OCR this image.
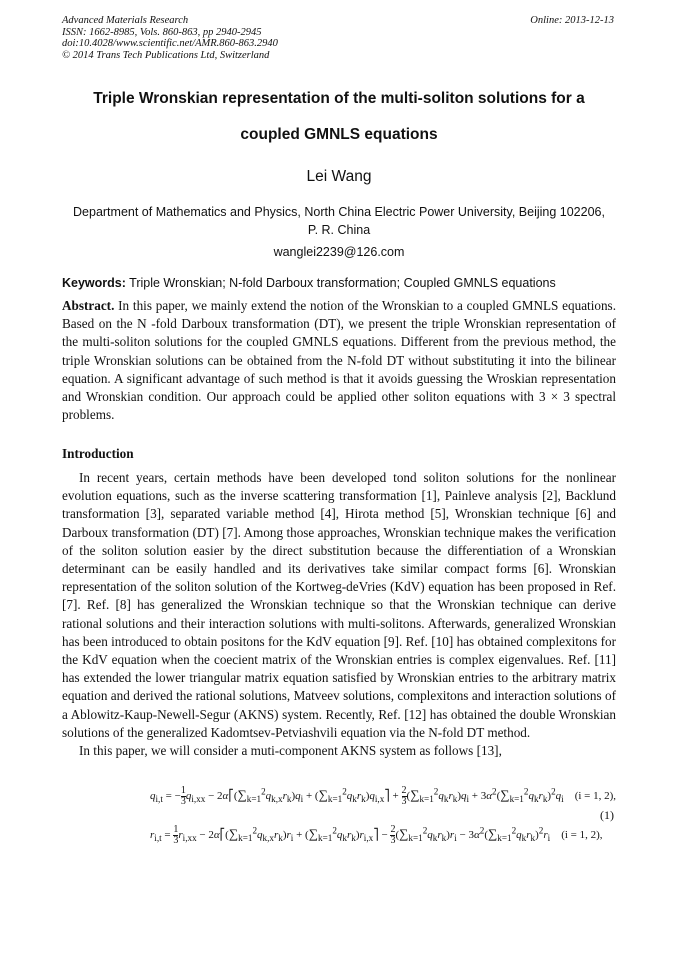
Advanced Materials Research
ISSN: 1662-8985, Vols. 860-863, pp 2940-2945
doi:10.4028/www.scientific.net/AMR.860-863.2940
© 2014 Trans Tech Publications Ltd, Switzerland
Online: 2013-12-13
Triple Wronskian representation of the multi-soliton solutions for a
coupled GMNLS equations
Lei Wang
Department of Mathematics and Physics, North China Electric Power University, Beijing 102206,
P. R. China
wanglei2239@126.com
Keywords: Triple Wronskian; N-fold Darboux transformation; Coupled GMNLS equations
Abstract. In this paper, we mainly extend the notion of the Wronskian to a coupled GMNLS equations. Based on the N -fold Darboux transformation (DT), we present the triple Wronskian representation of the multi-soliton solutions for the coupled GMNLS equations. Different from the previous method, the triple Wronskian solutions can be obtained from the N-fold DT without substituting it into the bilinear equation. A significant advantage of such method is that it avoids guessing the Wroskian representation and Wronskian condition. Our approach could be applied other soliton equations with 3 × 3 spectral problems.
Introduction

In recent years, certain methods have been developed tond soliton solutions for the nonlinear evolution equations, such as the inverse scattering transformation [1], Painleve analysis [2], Backlund transformation [3], separated variable method [4], Hirota method [5], Wronskian technique [6] and Darboux transformation (DT) [7]. Among those approaches, Wronskian technique makes the verification of the soliton solution easier by the direct substitution because the differentiation of a Wronskian determinant can be easily handled and its derivatives take similar compact forms [6]. Wronskian representation of the soliton solution of the Kortweg-deVries (KdV) equation has been proposed in Ref. [7]. Ref. [8] has generalized the Wronskian technique so that the Wronskian technique can derive rational solutions and their interaction solutions with multi-solitons. Afterwards, generalized Wronskian has been introduced to obtain positons for the KdV equation [9]. Ref. [10] has obtained complexitons for the KdV equation when the coecient matrix of the Wronskian entries is complex eigenvalues. Ref. [11] has extended the lower triangular matrix equation satisfied by Wronskian entries to the arbitrary matrix equation and derived the rational solutions, Matveev solutions, complexitons and interaction solutions of a Ablowitz-Kaup-Newell-Segur (AKNS) system. Recently, Ref. [12] has obtained the double Wronskian solutions of the generalized Kadomtsev-Petviashvili equation via the N-fold DT method.

In this paper, we will consider a muti-component AKNS system as follows [13],

$q_{i,t}$ = − 1
$3q_{i,xx}$ − $2\alpha⎡(\sum_{k=1}^2q_{k,x}r_k)q_i$ + $(\sum_{k=1}^2q_kr_k)q_{i,x}⎤ + 2$
$3(\sum_{k=1}^2q_kr_k)q_i + 3\alpha^2(\sum_{k=1}^2q_kr_k)^2q_i$ (i = 1, 2),
$r_{i,t} = 1$
$3r_{i,xx}$ − $2\alpha⎡(\sum_{k=1}^2q_{k,x}r_k)r_i$ + $(\sum_{k=1}^2q_kr_k)r_{i,x}⎤ - 2$
$3(\sum_{k=1}^2q_kr_k)r_i - 3\alpha^2(\sum_{k=1}^2q_kr_k)^2r_i$ (i = 1, 2),
(1)
